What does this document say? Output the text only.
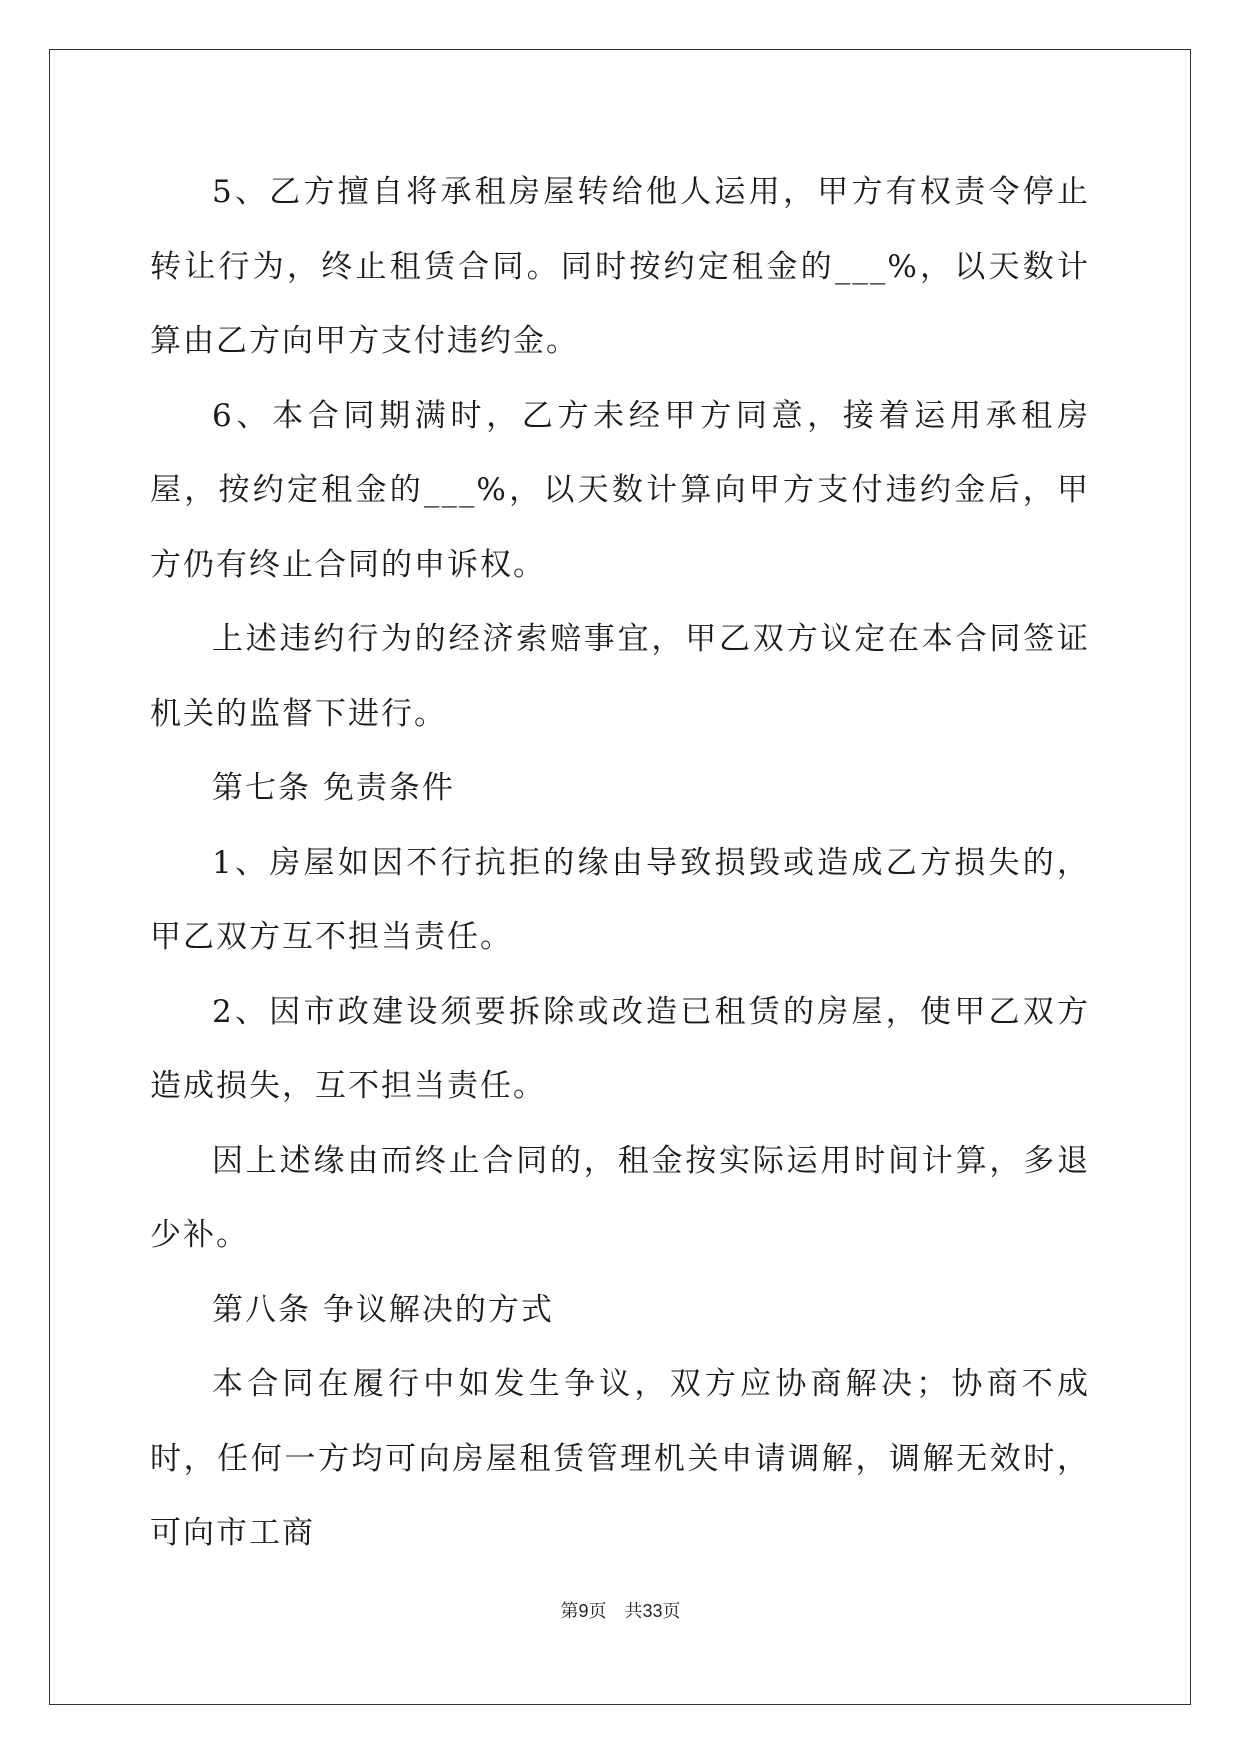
5、乙方擅自将承租房屋转给他人运用，甲方有权责令停止转让行为，终止租赁合同。同时按约定租金的___%，以天数计算由乙方向甲方支付违约金。

6、本合同期满时，乙方未经甲方同意，接着运用承租房屋，按约定租金的___%，以天数计算向甲方支付违约金后，甲方仍有终止合同的申诉权。

上述违约行为的经济索赔事宜，甲乙双方议定在本合同签证机关的监督下进行。

第七条 免责条件

1、房屋如因不行抗拒的缘由导致损毁或造成乙方损失的，甲乙双方互不担当责任。

2、因市政建设须要拆除或改造已租赁的房屋，使甲乙双方造成损失，互不担当责任。

因上述缘由而终止合同的，租金按实际运用时间计算，多退少补。

第八条 争议解决的方式

本合同在履行中如发生争议，双方应协商解决；协商不成时，任何一方均可向房屋租赁管理机关申请调解，调解无效时，可向市工商

第9页　共33页
